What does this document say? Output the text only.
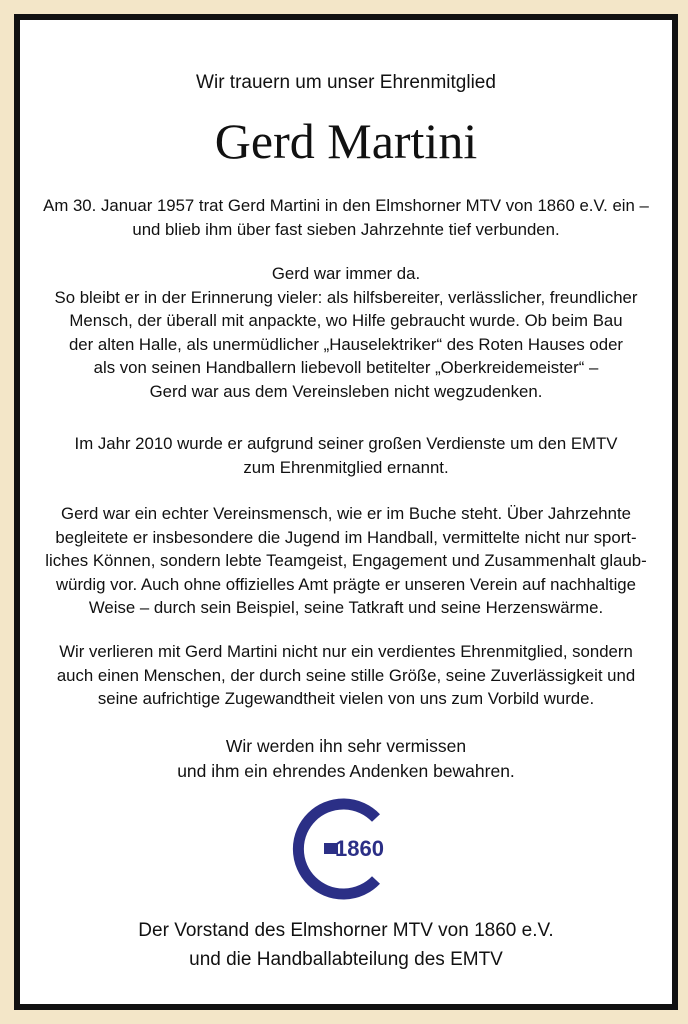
Wir trauern um unser Ehrenmitglied
Gerd Martini
Am 30. Januar 1957 trat Gerd Martini in den Elmshorner MTV von 1860 e.V. ein –
und blieb ihm über fast sieben Jahrzehnte tief verbunden.
Gerd war immer da.
So bleibt er in der Erinnerung vieler: als hilfsbereiter, verlässlicher, freundlicher
Mensch, der überall mit anpackte, wo Hilfe gebraucht wurde. Ob beim Bau
der alten Halle, als unermüdlicher „Hauselektriker“ des Roten Hauses oder
als von seinen Handballern liebevoll betitelter „Oberkreidemeister“ –
Gerd war aus dem Vereinsleben nicht wegzudenken.
Im Jahr 2010 wurde er aufgrund seiner großen Verdienste um den EMTV
zum Ehrenmitglied ernannt.
Gerd war ein echter Vereinsmensch, wie er im Buche steht. Über Jahrzehnte
begleitete er insbesondere die Jugend im Handball, vermittelte nicht nur sport-
liches Können, sondern lebte Teamgeist, Engagement und Zusammenhalt glaub-
würdig vor. Auch ohne offizielles Amt prägte er unseren Verein auf nachhaltige
Weise – durch sein Beispiel, seine Tatkraft und seine Herzenswärme.
Wir verlieren mit Gerd Martini nicht nur ein verdientes Ehrenmitglied, sondern
auch einen Menschen, der durch seine stille Größe, seine Zuverlässigkeit und
seine aufrichtige Zugewandtheit vielen von uns zum Vorbild wurde.
Wir werden ihn sehr vermissen
und ihm ein ehrendes Andenken bewahren.
1860
Der Vorstand des Elmshorner MTV von 1860 e.V.
und die Handballabteilung des EMTV
